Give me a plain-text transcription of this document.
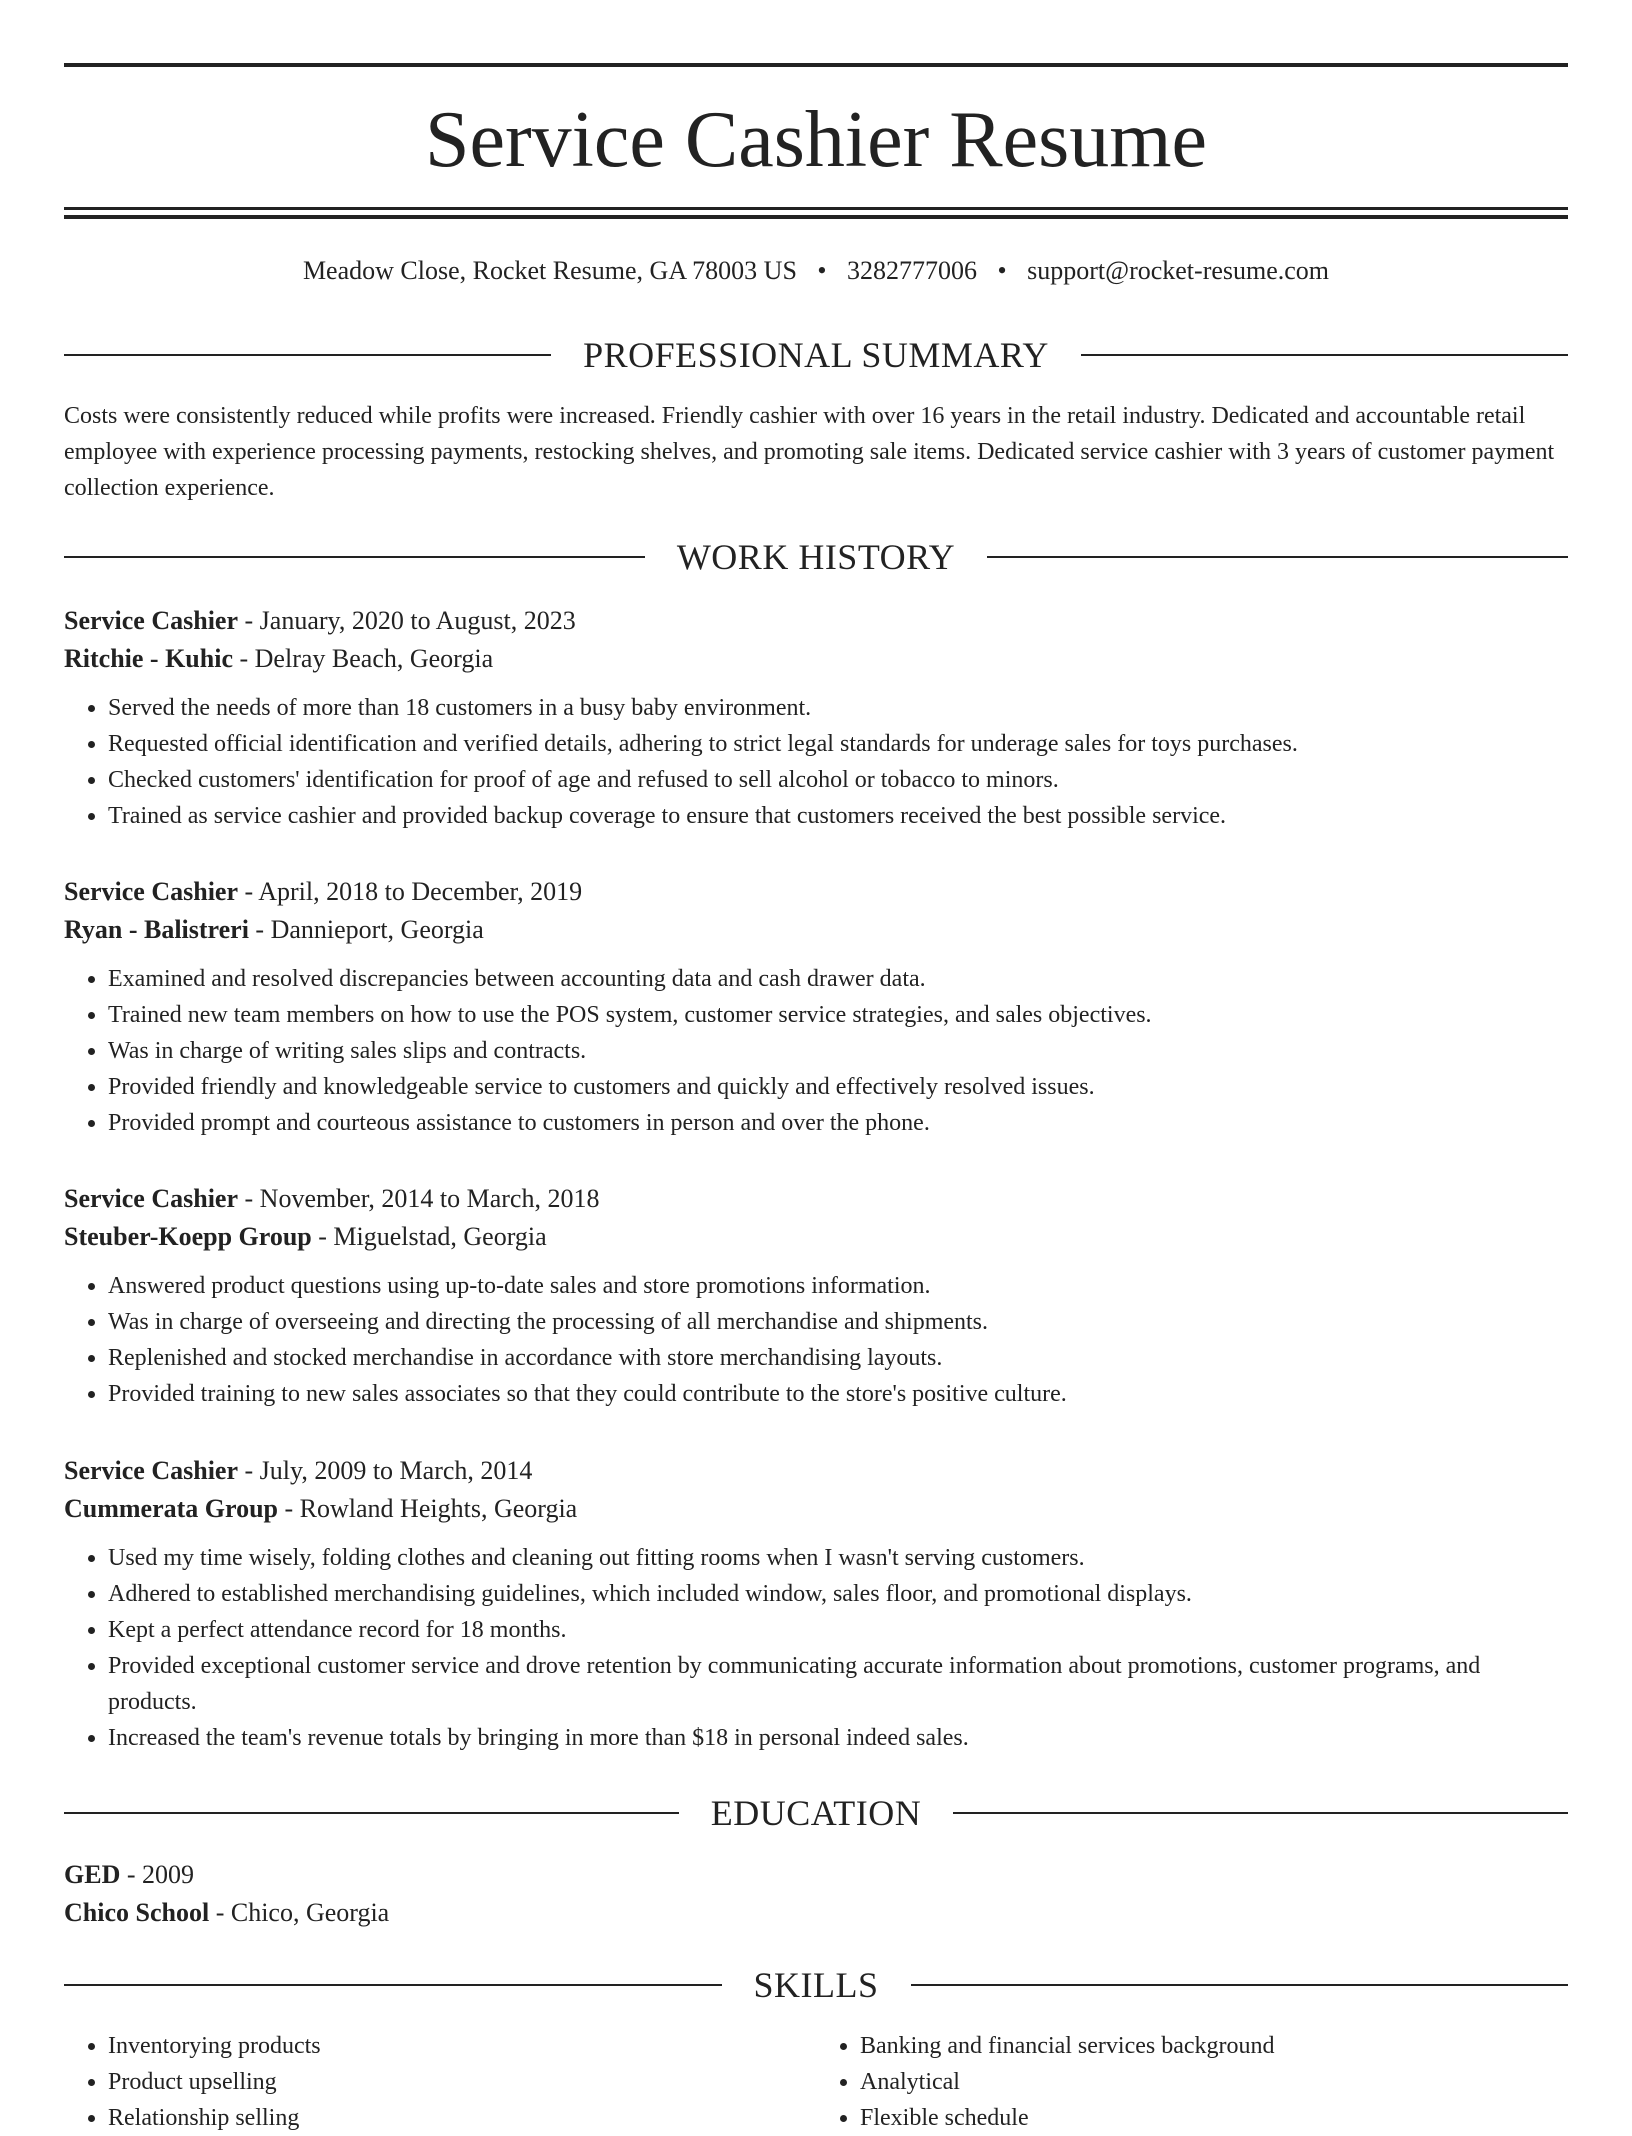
Service Cashier Resume
Meadow Close, Rocket Resume, GA 78003 US • 3282777006 • support@rocket-resume.com
PROFESSIONAL SUMMARY

Costs were consistently reduced while profits were increased. Friendly cashier with over 16 years in the retail industry. Dedicated and accountable retail employee with experience processing payments, restocking shelves, and promoting sale items. Dedicated service cashier with 3 years of customer payment collection experience.

WORK HISTORY

Service Cashier - January, 2020 to August, 2023

Ritchie - Kuhic - Delray Beach, Georgia

• Served the needs of more than 18 customers in a busy baby environment.
• Requested official identification and verified details, adhering to strict legal standards for underage sales for toys purchases.
• Checked customers' identification for proof of age and refused to sell alcohol or tobacco to minors.
• Trained as service cashier and provided backup coverage to ensure that customers received the best possible service.

Service Cashier - April, 2018 to December, 2019

Ryan - Balistreri - Dannieport, Georgia

• Examined and resolved discrepancies between accounting data and cash drawer data.
• Trained new team members on how to use the POS system, customer service strategies, and sales objectives.
• Was in charge of writing sales slips and contracts.
• Provided friendly and knowledgeable service to customers and quickly and effectively resolved issues.
• Provided prompt and courteous assistance to customers in person and over the phone.

Service Cashier - November, 2014 to March, 2018

Steuber-Koepp Group - Miguelstad, Georgia

• Answered product questions using up-to-date sales and store promotions information.
• Was in charge of overseeing and directing the processing of all merchandise and shipments.
• Replenished and stocked merchandise in accordance with store merchandising layouts.
• Provided training to new sales associates so that they could contribute to the store's positive culture.

Service Cashier - July, 2009 to March, 2014

Cummerata Group - Rowland Heights, Georgia

• Used my time wisely, folding clothes and cleaning out fitting rooms when I wasn't serving customers.
• Adhered to established merchandising guidelines, which included window, sales floor, and promotional displays.
• Kept a perfect attendance record for 18 months.
• Provided exceptional customer service and drove retention by communicating accurate information about promotions, customer programs, and products.
• Increased the team's revenue totals by bringing in more than $18 in personal indeed sales.
EDUCATION

GED - 2009

Chico School - Chico, Georgia

SKILLS
• Inventorying products
• Product upselling
• Relationship selling
• Banking and financial services background
• Analytical
• Flexible schedule
